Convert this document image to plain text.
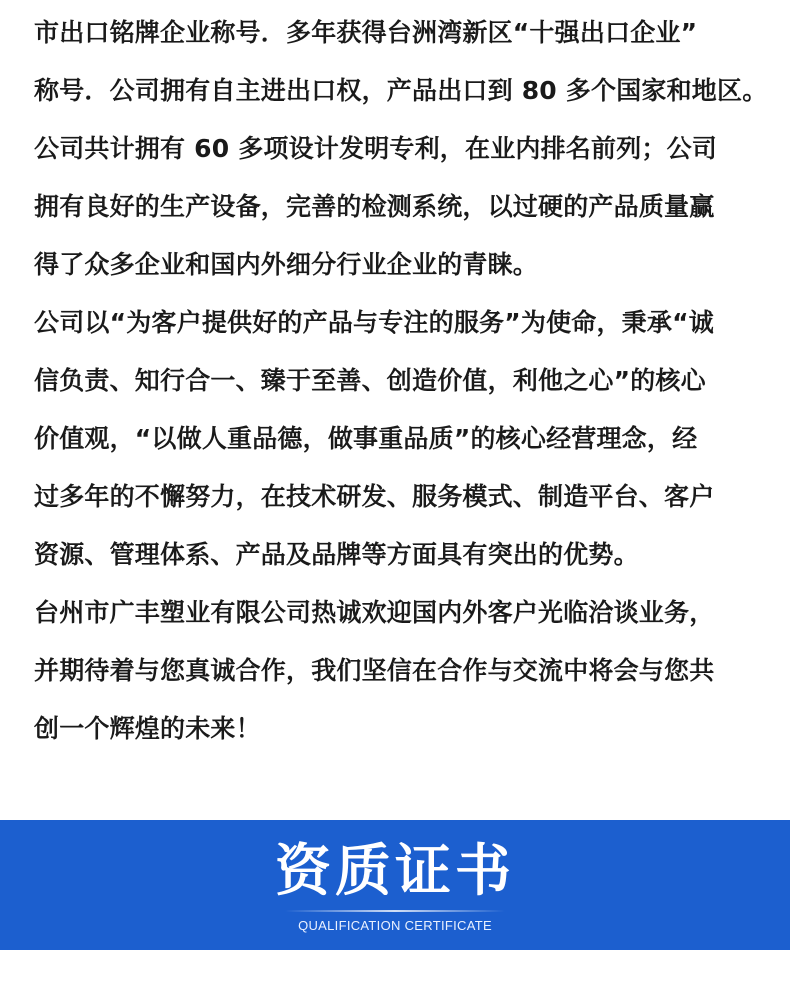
市出口铭牌企业称号．多年获得台洲湾新区“十强出口企业”
称号．公司拥有自主进出口权，产品出口到 80 多个国家和地区。
公司共计拥有 60 多项设计发明专利，在业内排名前列；公司
拥有良好的生产设备，完善的检测系统，以过硬的产品质量赢
得了众多企业和国内外细分行业企业的青睐。
公司以“为客户提供好的产品与专注的服务”为使命，秉承“诚
信负责、知行合一、臻于至善、创造价值，利他之心”的核心
价值观，“以做人重品德，做事重品质”的核心经营理念，经
过多年的不懈努力，在技术研发、服务模式、制造平台、客户
资源、管理体系、产品及品牌等方面具有突出的优势。
台州市广丰塑业有限公司热诚欢迎国内外客户光临洽谈业务，
并期待着与您真诚合作，我们坚信在合作与交流中将会与您共
创一个辉煌的未来！
资质证书
QUALIFICATION CERTIFICATE
